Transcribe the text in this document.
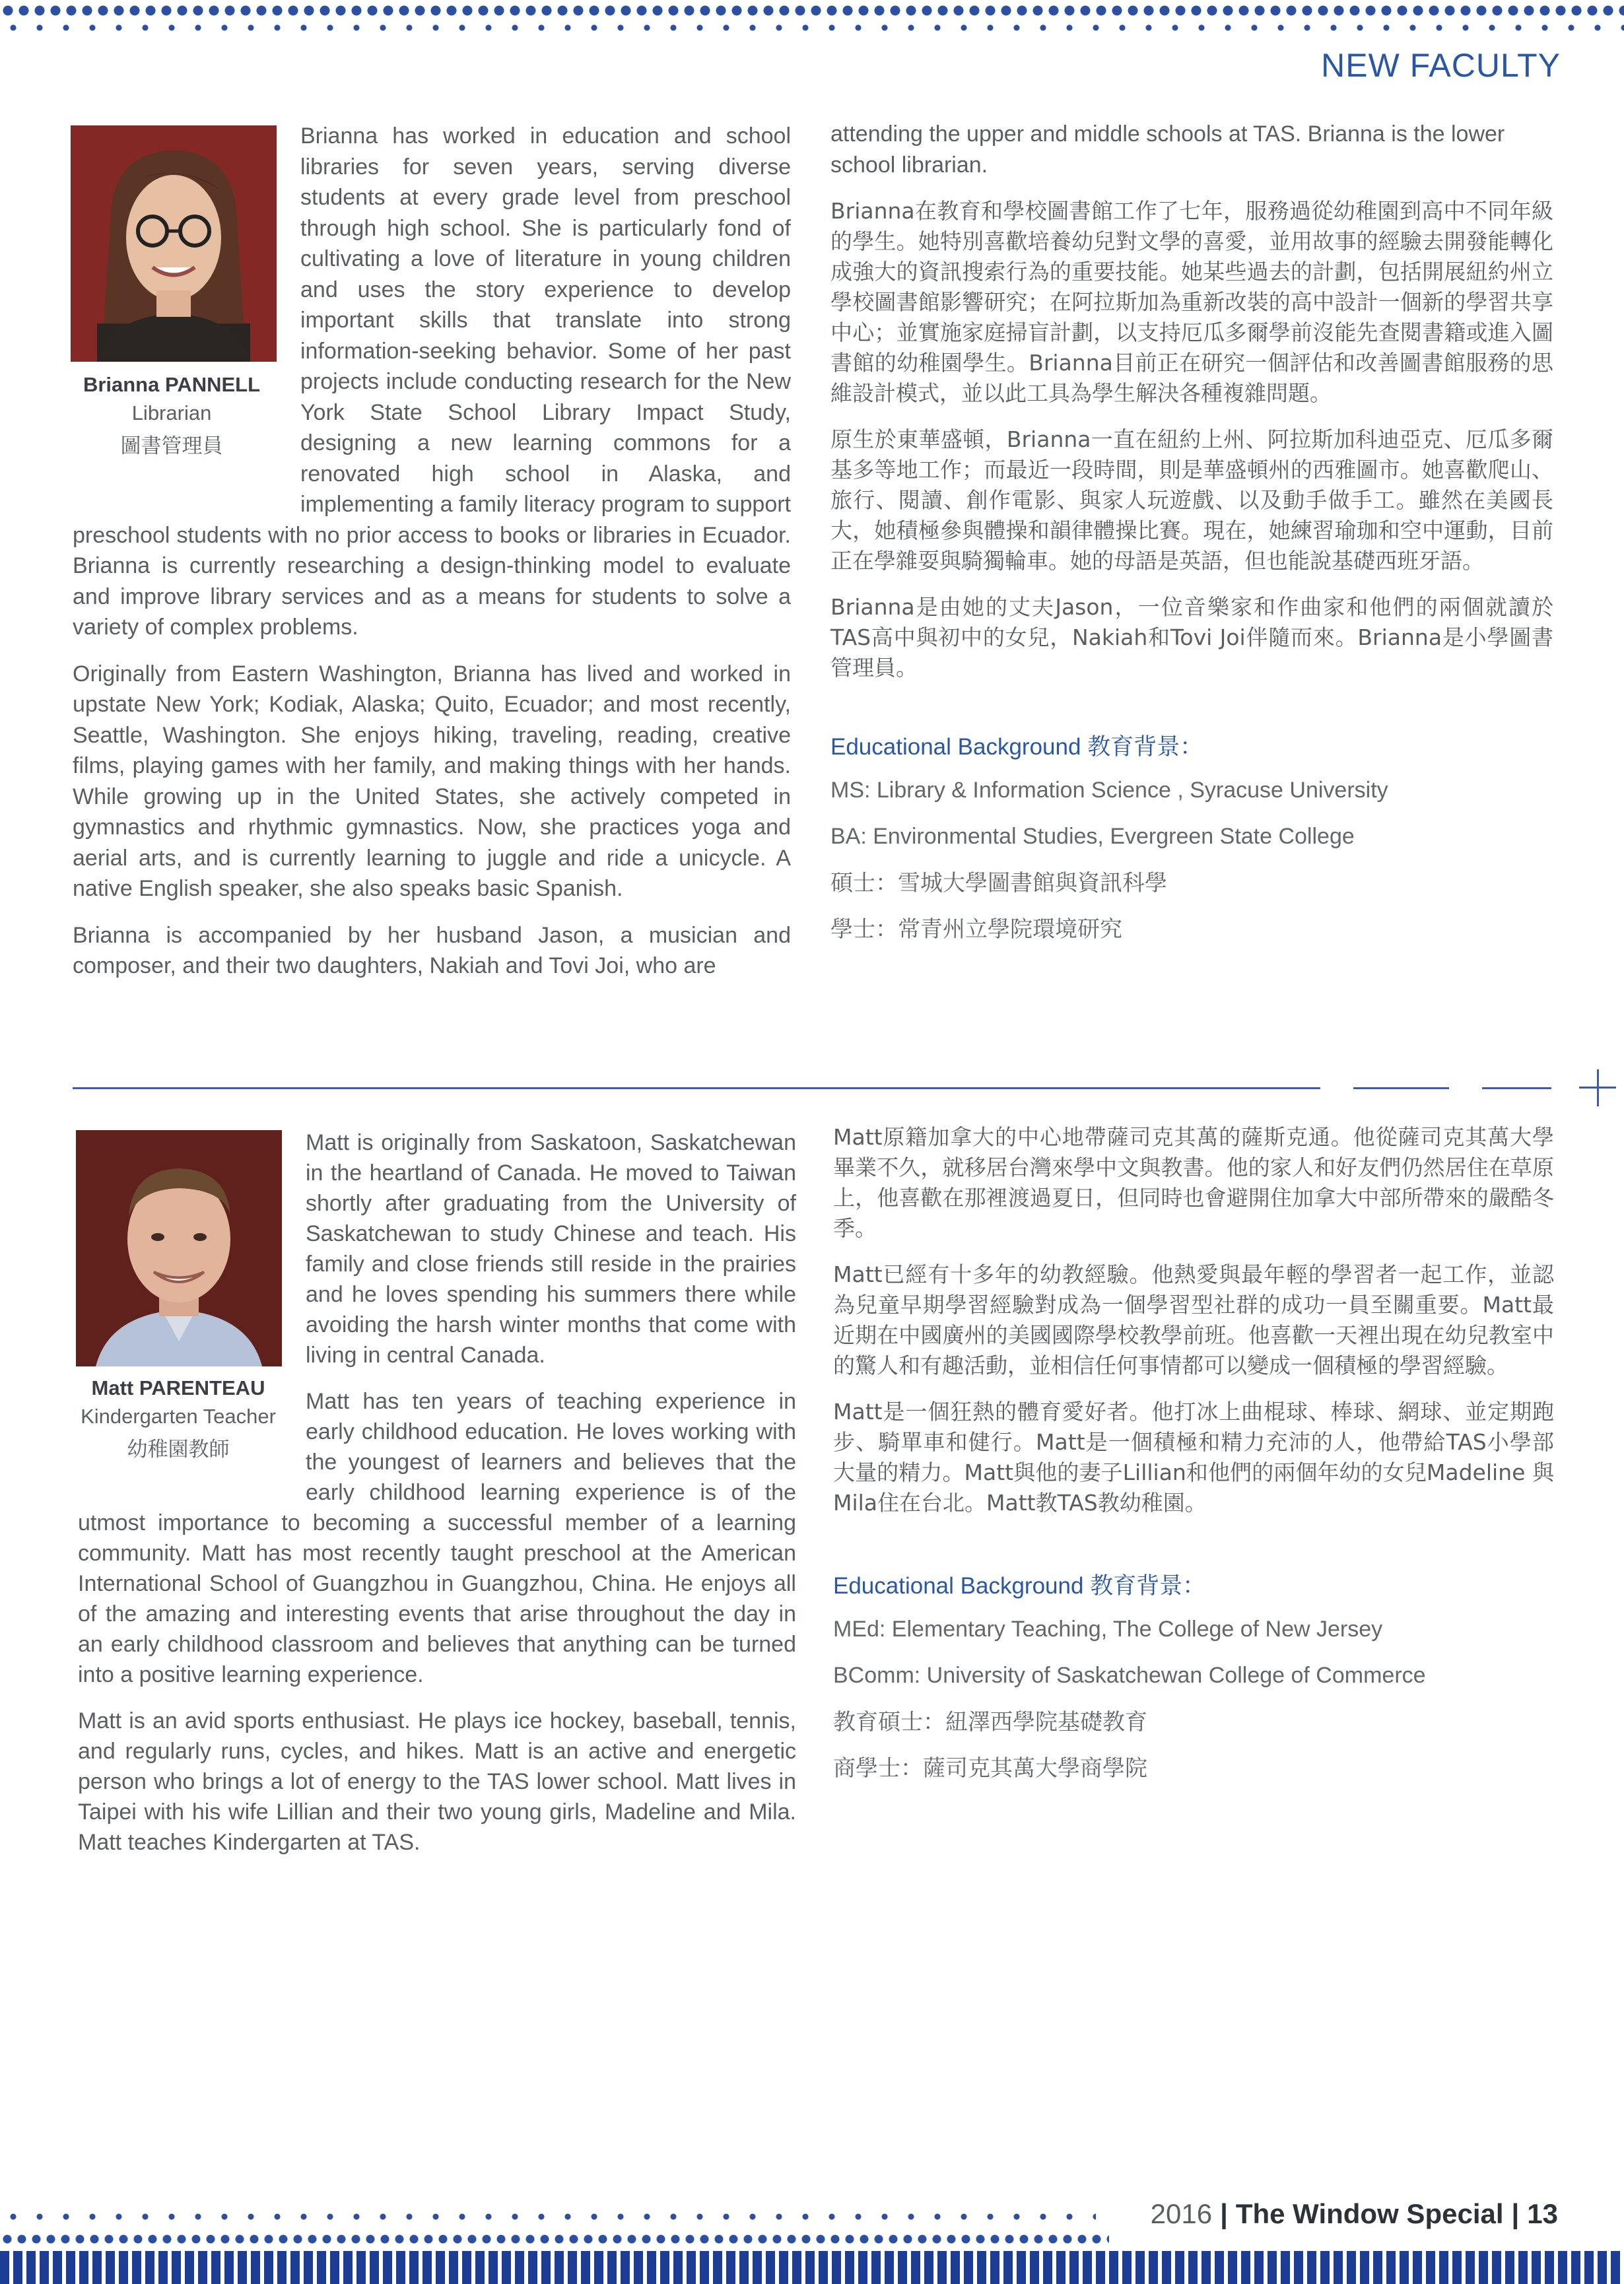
NEW FACULTY
Brianna PANNELL
Librarian
圖書管理員

Brianna has worked in education and school libraries for seven years, serving diverse students at every grade level from preschool through high school. She is particularly fond of cultivating a love of literature in young children and uses the story experience to develop important skills that translate into strong information-seeking behavior. Some of her past projects include conducting research for the New York State School Library Impact Study, designing a new learning commons for a renovated high school in Alaska, and implementing a family literacy program to support preschool students with no prior access to books or libraries in Ecuador. Brianna is currently researching a design-thinking model to evaluate and improve library services and as a means for students to solve a variety of complex problems.

Originally from Eastern Washington, Brianna has lived and worked in upstate New York; Kodiak, Alaska; Quito, Ecuador; and most recently, Seattle, Washington. She enjoys hiking, traveling, reading, creative films, playing games with her family, and making things with her hands. While growing up in the United States, she actively competed in gymnastics and rhythmic gymnastics. Now, she practices yoga and aerial arts, and is currently learning to juggle and ride a unicycle. A native English speaker, she also speaks basic Spanish.

Brianna is accompanied by her husband Jason, a musician and composer, and their two daughters, Nakiah and Tovi Joi, who are

attending the upper and middle schools at TAS. Brianna is the lower school librarian.

Brianna在教育和學校圖書館工作了七年，服務過從幼稚園到高中不同年級的學生。她特別喜歡培養幼兒對文學的喜愛，並用故事的經驗去開發能轉化成強大的資訊搜索行為的重要技能。她某些過去的計劃，包括開展紐約州立學校圖書館影響研究；在阿拉斯加為重新改裝的高中設計一個新的學習共享中心；並實施家庭掃盲計劃，以支持厄瓜多爾學前沒能先查閱書籍或進入圖書館的幼稚園學生。Brianna目前正在研究一個評估和改善圖書館服務的思維設計模式，並以此工具為學生解決各種複雜問題。

原生於東華盛頓，Brianna一直在紐約上州、阿拉斯加科迪亞克、厄瓜多爾基多等地工作；而最近一段時間，則是華盛頓州的西雅圖市。她喜歡爬山、旅行、閱讀、創作電影、與家人玩遊戲、以及動手做手工。雖然在美國長大，她積極參與體操和韻律體操比賽。現在，她練習瑜珈和空中運動，目前正在學雜耍與騎獨輪車。她的母語是英語，但也能說基礎西班牙語。

Brianna是由她的丈夫Jason，一位音樂家和作曲家和他們的兩個就讀於TAS高中與初中的女兒，Nakiah和Tovi Joi伴隨而來。Brianna是小學圖書管理員。

Educational Background 教育背景：
MS: Library & Information Science , Syracuse University
BA: Environmental Studies, Evergreen State College
碩士：雪城大學圖書館與資訊科學
學士：常青州立學院環境研究
Matt PARENTEAU
Kindergarten Teacher
幼稚園教師

Matt is originally from Saskatoon, Saskatchewan in the heartland of Canada. He moved to Taiwan shortly after graduating from the University of Saskatchewan to study Chinese and teach. His family and close friends still reside in the prairies and he loves spending his summers there while avoiding the harsh winter months that come with living in central Canada.

Matt has ten years of teaching experience in early childhood education. He loves working with the youngest of learners and believes that the early childhood learning experience is of the utmost importance to becoming a successful member of a learning community. Matt has most recently taught preschool at the American International School of Guangzhou in Guangzhou, China. He enjoys all of the amazing and interesting events that arise throughout the day in an early childhood classroom and believes that anything can be turned into a positive learning experience.

Matt is an avid sports enthusiast. He plays ice hockey, baseball, tennis, and regularly runs, cycles, and hikes. Matt is an active and energetic person who brings a lot of energy to the TAS lower school. Matt lives in Taipei with his wife Lillian and their two young girls, Madeline and Mila. Matt teaches Kindergarten at TAS.

Matt原籍加拿大的中心地帶薩司克其萬的薩斯克通。他從薩司克其萬大學畢業不久，就移居台灣來學中文與教書。他的家人和好友們仍然居住在草原上，他喜歡在那裡渡過夏日，但同時也會避開住加拿大中部所帶來的嚴酷冬季。

Matt已經有十多年的幼教經驗。他熱愛與最年輕的學習者一起工作，並認為兒童早期學習經驗對成為一個學習型社群的成功一員至關重要。Matt最近期在中國廣州的美國國際學校教學前班。他喜歡一天裡出現在幼兒教室中的驚人和有趣活動，並相信任何事情都可以變成一個積極的學習經驗。

Matt是一個狂熱的體育愛好者。他打冰上曲棍球、棒球、網球、並定期跑步、騎單車和健行。Matt是一個積極和精力充沛的人，他帶給TAS小學部大量的精力。Matt與他的妻子Lillian和他們的兩個年幼的女兒Madeline 與 Mila住在台北。Matt教TAS教幼稚園。

Educational Background 教育背景：
MEd: Elementary Teaching, The College of New Jersey
BComm: University of Saskatchewan College of Commerce
教育碩士：紐澤西學院基礎教育
商學士：薩司克其萬大學商學院
2016 | The Window Special | 13
